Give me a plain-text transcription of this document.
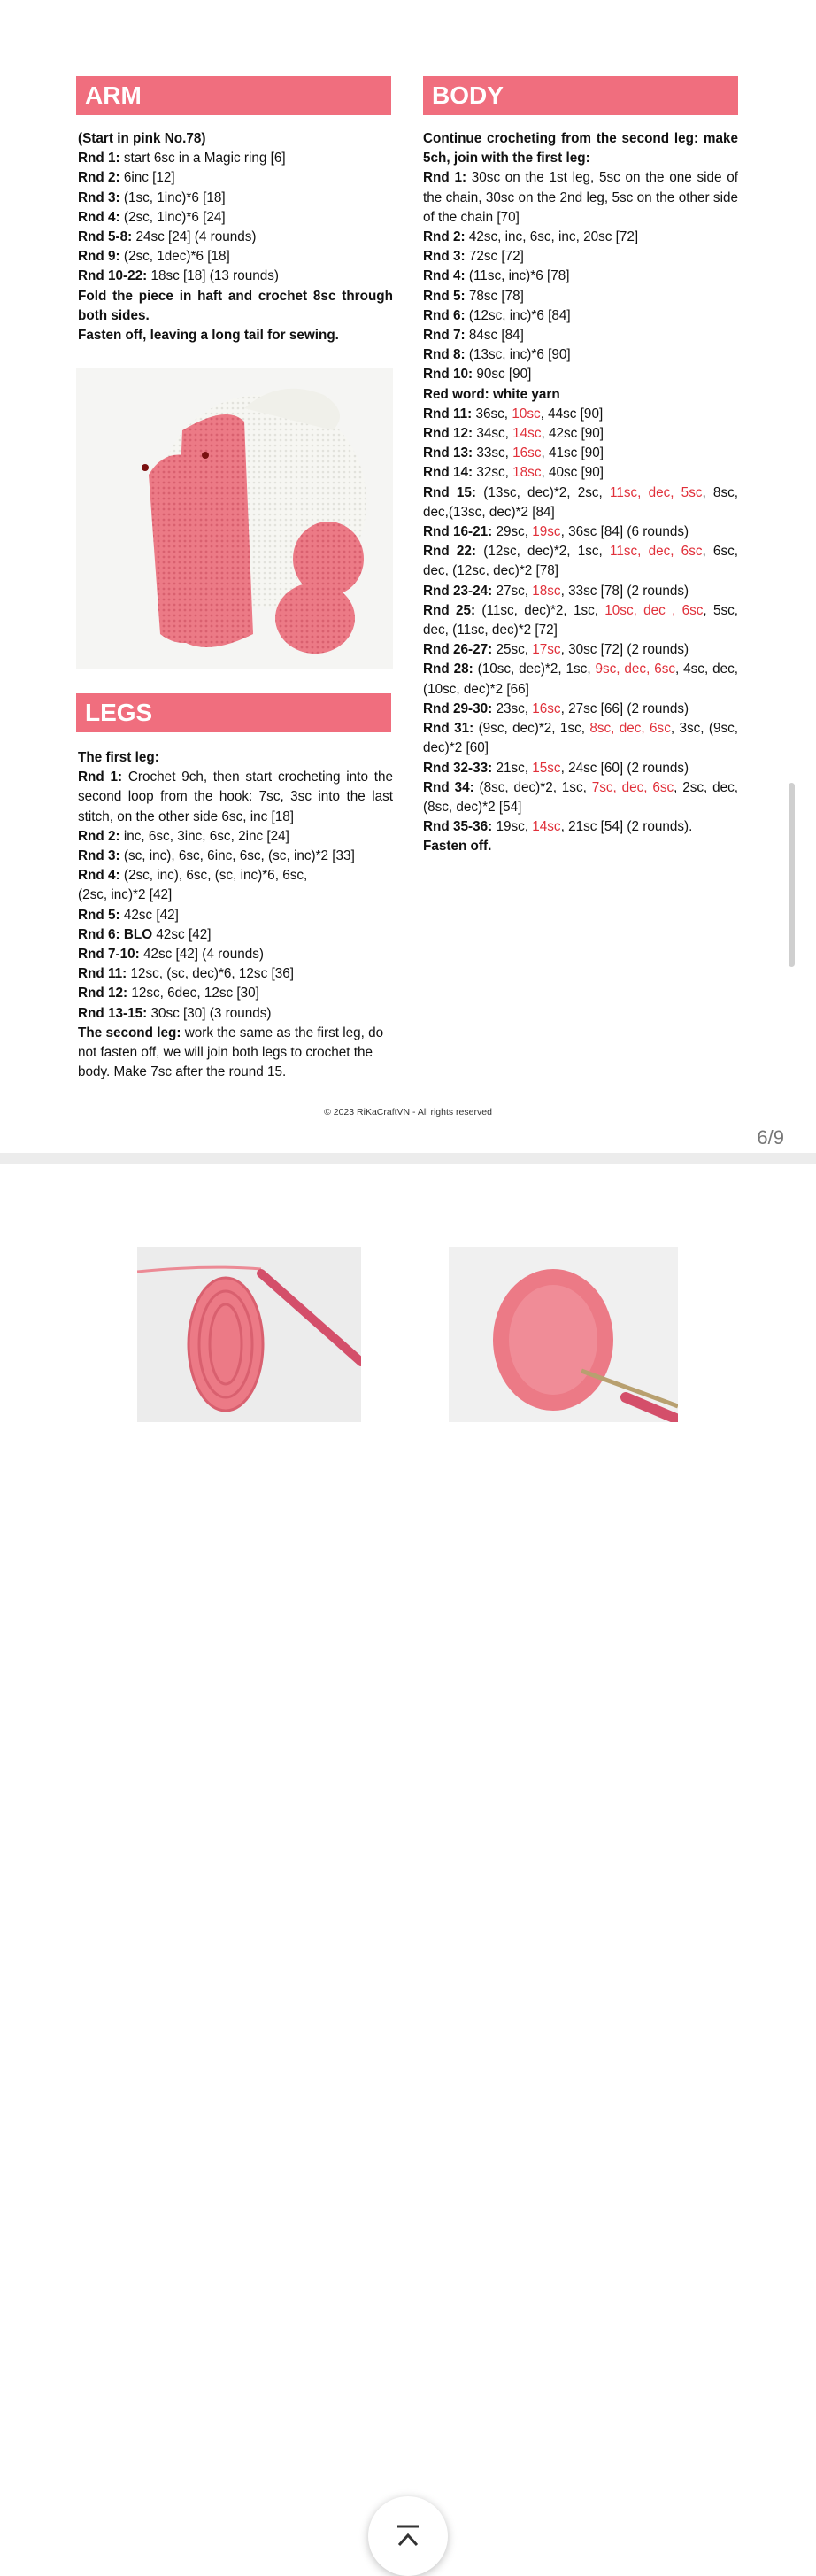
ARM
(Start in pink No.78)
Rnd 1: start 6sc in a Magic ring [6]
Rnd 2: 6inc [12]
Rnd 3: (1sc, 1inc)*6 [18]
Rnd 4: (2sc, 1inc)*6 [24]
Rnd 5-8: 24sc [24] (4 rounds)
Rnd 9: (2sc, 1dec)*6 [18]
Rnd 10-22: 18sc [18] (13 rounds)
Fold the piece in haft and crochet 8sc through both sides.
Fasten off, leaving a long tail for sewing.
LEGS
The first leg:
Rnd 1: Crochet 9ch, then start crocheting into the second loop from the hook: 7sc, 3sc into the last stitch, on the other side 6sc, inc [18]
Rnd 2: inc, 6sc, 3inc, 6sc, 2inc [24]
Rnd 3: (sc, inc), 6sc, 6inc, 6sc, (sc, inc)*2 [33]
Rnd 4: (2sc, inc), 6sc, (sc, inc)*6, 6sc,
(2sc, inc)*2 [42]
Rnd 5: 42sc [42]
Rnd 6: BLO 42sc [42]
Rnd 7-10: 42sc [42] (4 rounds)
Rnd 11: 12sc, (sc, dec)*6, 12sc [36]
Rnd 12: 12sc, 6dec, 12sc [30]
Rnd 13-15: 30sc [30] (3 rounds)
The second leg: work the same as the first leg, do not fasten off, we will join both legs to crochet the body. Make 7sc after the round 15.
BODY
Continue crocheting from the second leg: make 5ch, join with the first leg:
Rnd 1: 30sc on the 1st leg, 5sc on the one side of the chain, 30sc on the 2nd leg, 5sc on the other side of the chain [70]
Rnd 2: 42sc, inc, 6sc, inc, 20sc [72]
Rnd 3: 72sc [72]
Rnd 4: (11sc, inc)*6 [78]
Rnd 5: 78sc [78]
Rnd 6: (12sc, inc)*6 [84]
Rnd 7: 84sc [84]
Rnd 8: (13sc, inc)*6 [90]
Rnd 10: 90sc [90]
Red word: white yarn
Rnd 11: 36sc, 10sc, 44sc [90]
Rnd 12: 34sc, 14sc, 42sc [90]
Rnd 13: 33sc, 16sc, 41sc [90]
Rnd 14: 32sc, 18sc, 40sc [90]
Rnd 15: (13sc, dec)*2, 2sc, 11sc, dec, 5sc, 8sc, dec,(13sc, dec)*2 [84]
Rnd 16-21: 29sc, 19sc, 36sc [84] (6 rounds)
Rnd 22: (12sc, dec)*2, 1sc, 11sc, dec, 6sc, 6sc, dec, (12sc, dec)*2 [78]
Rnd 23-24: 27sc, 18sc, 33sc [78] (2 rounds)
Rnd 25: (11sc, dec)*2, 1sc, 10sc, dec , 6sc, 5sc, dec, (11sc, dec)*2 [72]
Rnd 26-27: 25sc, 17sc, 30sc [72] (2 rounds)
Rnd 28: (10sc, dec)*2, 1sc, 9sc, dec, 6sc, 4sc, dec, (10sc, dec)*2 [66]
Rnd 29-30: 23sc, 16sc, 27sc [66] (2 rounds)
Rnd 31: (9sc, dec)*2, 1sc, 8sc, dec, 6sc, 3sc, (9sc, dec)*2 [60]
Rnd 32-33: 21sc, 15sc, 24sc [60] (2 rounds)
Rnd 34: (8sc, dec)*2, 1sc, 7sc, dec, 6sc, 2sc, dec, (8sc, dec)*2 [54]
Rnd 35-36: 19sc, 14sc, 21sc [54] (2 rounds).
Fasten off.
© 2023 RiKaCraftVN - All rights reserved
6/9
